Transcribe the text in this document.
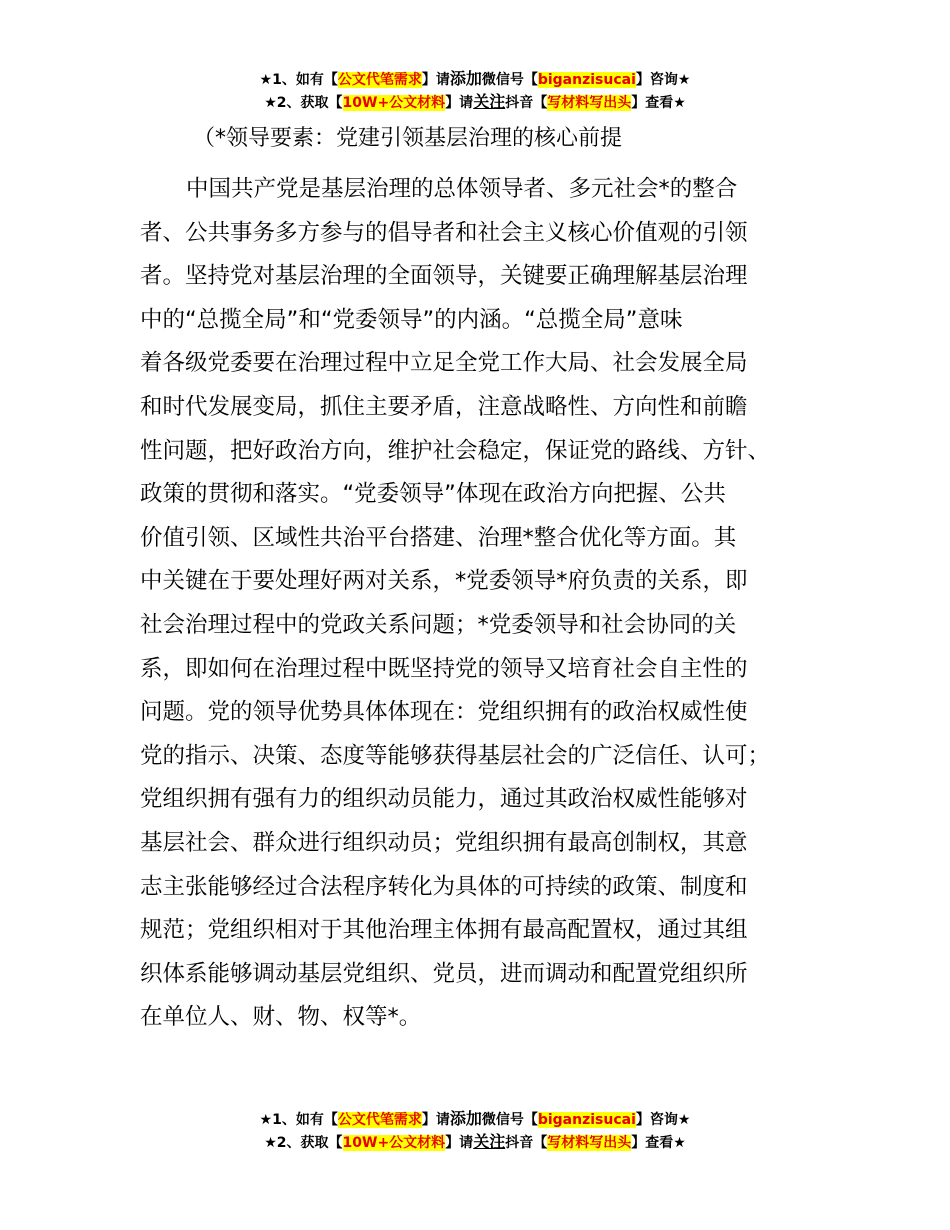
★1、如有【公文代笔需求】请添加微信号【biganzisucai】咨询★
★2、获取【10W+公文材料】请关注抖音【写材料写出头】查看★
（*领导要素：党建引领基层治理的核心前提
中国共产党是基层治理的总体领导者、多元社会*的整合
者、公共事务多方参与的倡导者和社会主义核心价值观的引领
者。坚持党对基层治理的全面领导，关键要正确理解基层治理
中的“总揽全局”和“党委领导”的内涵。“总揽全局”意味
着各级党委要在治理过程中立足全党工作大局、社会发展全局
和时代发展变局，抓住主要矛盾，注意战略性、方向性和前瞻
性问题，把好政治方向，维护社会稳定，保证党的路线、方针、
政策的贯彻和落实。“党委领导”体现在政治方向把握、公共
价值引领、区域性共治平台搭建、治理*整合优化等方面。其
中关键在于要处理好两对关系，*党委领导*府负责的关系，即
社会治理过程中的党政关系问题；*党委领导和社会协同的关
系，即如何在治理过程中既坚持党的领导又培育社会自主性的
问题。党的领导优势具体体现在：党组织拥有的政治权威性使
党的指示、决策、态度等能够获得基层社会的广泛信任、认可；
党组织拥有强有力的组织动员能力，通过其政治权威性能够对
基层社会、群众进行组织动员；党组织拥有最高创制权，其意
志主张能够经过合法程序转化为具体的可持续的政策、制度和
规范；党组织相对于其他治理主体拥有最高配置权，通过其组
织体系能够调动基层党组织、党员，进而调动和配置党组织所
在单位人、财、物、权等*。
★1、如有【公文代笔需求】请添加微信号【biganzisucai】咨询★
★2、获取【10W+公文材料】请关注抖音【写材料写出头】查看★
